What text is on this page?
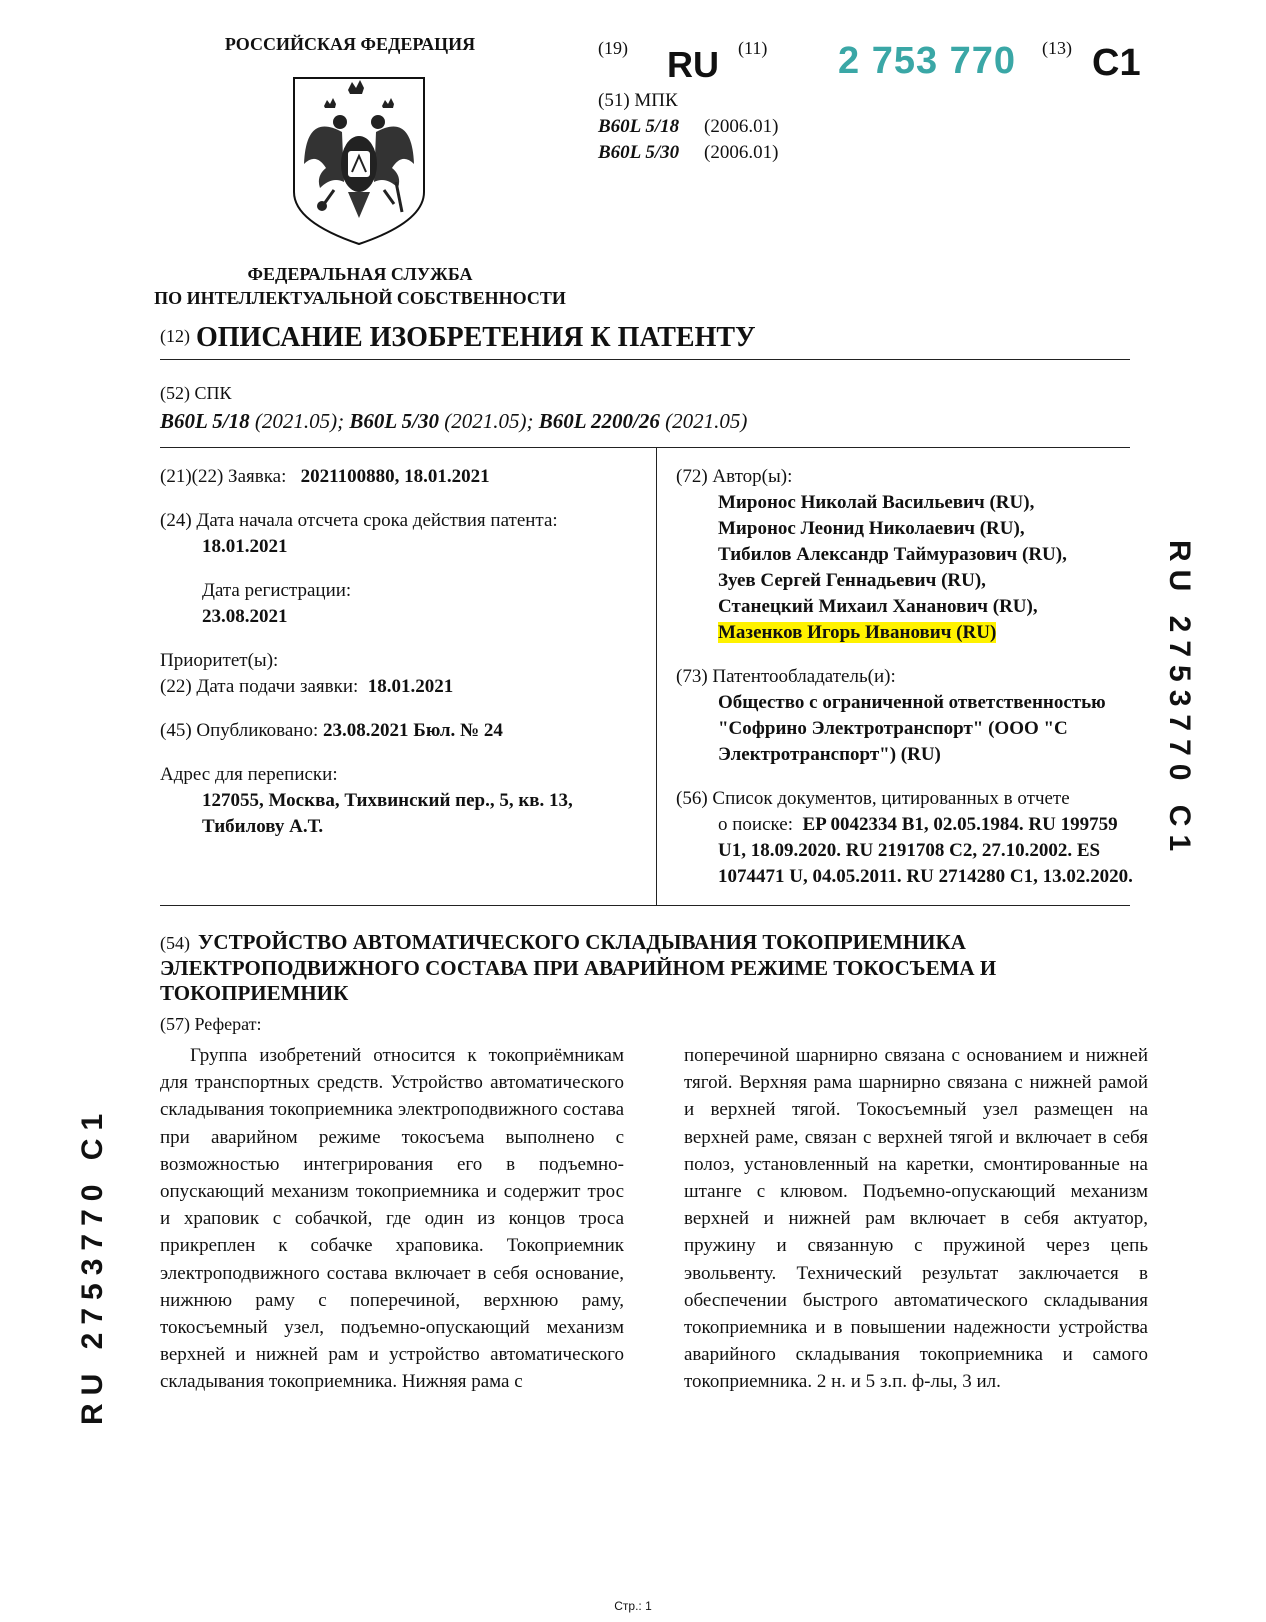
РОССИЙСКАЯ ФЕДЕРАЦИЯ
ФЕДЕРАЛЬНАЯ СЛУЖБА
ПО ИНТЕЛЛЕКТУАЛЬНОЙ СОБСТВЕННОСТИ
(19) RU (11) 2 753 770 (13) C1
(51) МПК
B60L 5/18 (2006.01)
B60L 5/30 (2006.01)
(12) ОПИСАНИЕ ИЗОБРЕТЕНИЯ К ПАТЕНТУ
(52) СПК
B60L 5/18 (2021.05); B60L 5/30 (2021.05); B60L 2200/26 (2021.05)
(21)(22) Заявка: 2021100880, 18.01.2021
(24) Дата начала отсчета срока действия патента:
18.01.2021
Дата регистрации:
23.08.2021
Приоритет(ы):
(22) Дата подачи заявки: 18.01.2021
(45) Опубликовано: 23.08.2021 Бюл. № 24
Адрес для переписки:
127055, Москва, Тихвинский пер., 5, кв. 13,
Тибилову А.Т.
(72) Автор(ы):
Миронос Николай Васильевич (RU),
Миронос Леонид Николаевич (RU),
Тибилов Александр Таймуразович (RU),
Зуев Сергей Геннадьевич (RU),
Станецкий Михаил Хананович (RU),
Мазенков Игорь Иванович (RU)
(73) Патентообладатель(и):
Общество с ограниченной ответственностью
"Софрино Электротранспорт" (ООО "С
Электротранспорт") (RU)
(56) Список документов, цитированных в отчете
о поиске: EP 0042334 B1, 02.05.1984. RU 199759
U1, 18.09.2020. RU 2191708 C2, 27.10.2002. ES
1074471 U, 04.05.2011. RU 2714280 C1, 13.02.2020.
(54) УСТРОЙСТВО АВТОМАТИЧЕСКОГО СКЛАДЫВАНИЯ ТОКОПРИЕМНИКА
ЭЛЕКТРОПОДВИЖНОГО СОСТАВА ПРИ АВАРИЙНОМ РЕЖИМЕ ТОКОСЪЕМА И
ТОКОПРИЕМНИК
(57) Реферат:
Группа изобретений относится к токоприёмникам для транспортных средств. Устройство автоматического складывания токоприемника электроподвижного состава при аварийном режиме токосъема выполнено с возможностью интегрирования его в подъемно-опускающий механизм токоприемника и содержит трос и храповик с собачкой, где один из концов троса прикреплен к собачке храповика. Токоприемник электроподвижного состава включает в себя основание, нижнюю раму с поперечиной, верхнюю раму, токосъемный узел, подъемно-опускающий механизм верхней и нижней рам и устройство автоматического складывания токоприемника. Нижняя рама с
поперечиной шарнирно связана с основанием и нижней тягой. Верхняя рама шарнирно связана с нижней рамой и верхней тягой. Токосъемный узел размещен на верхней раме, связан с верхней тягой и включает в себя полоз, установленный на каретки, смонтированные на штанге с клювом. Подъемно-опускающий механизм верхней и нижней рам включает в себя актуатор, пружину и связанную с пружиной через цепь эвольвенту. Технический результат заключается в обеспечении быстрого автоматического складывания токоприемника и в повышении надежности устройства аварийного складывания токоприемника и самого токоприемника. 2 н. и 5 з.п. ф-лы, 3 ил.
RU 2753770 C1
RU 2753770 C1
Стр.: 1
